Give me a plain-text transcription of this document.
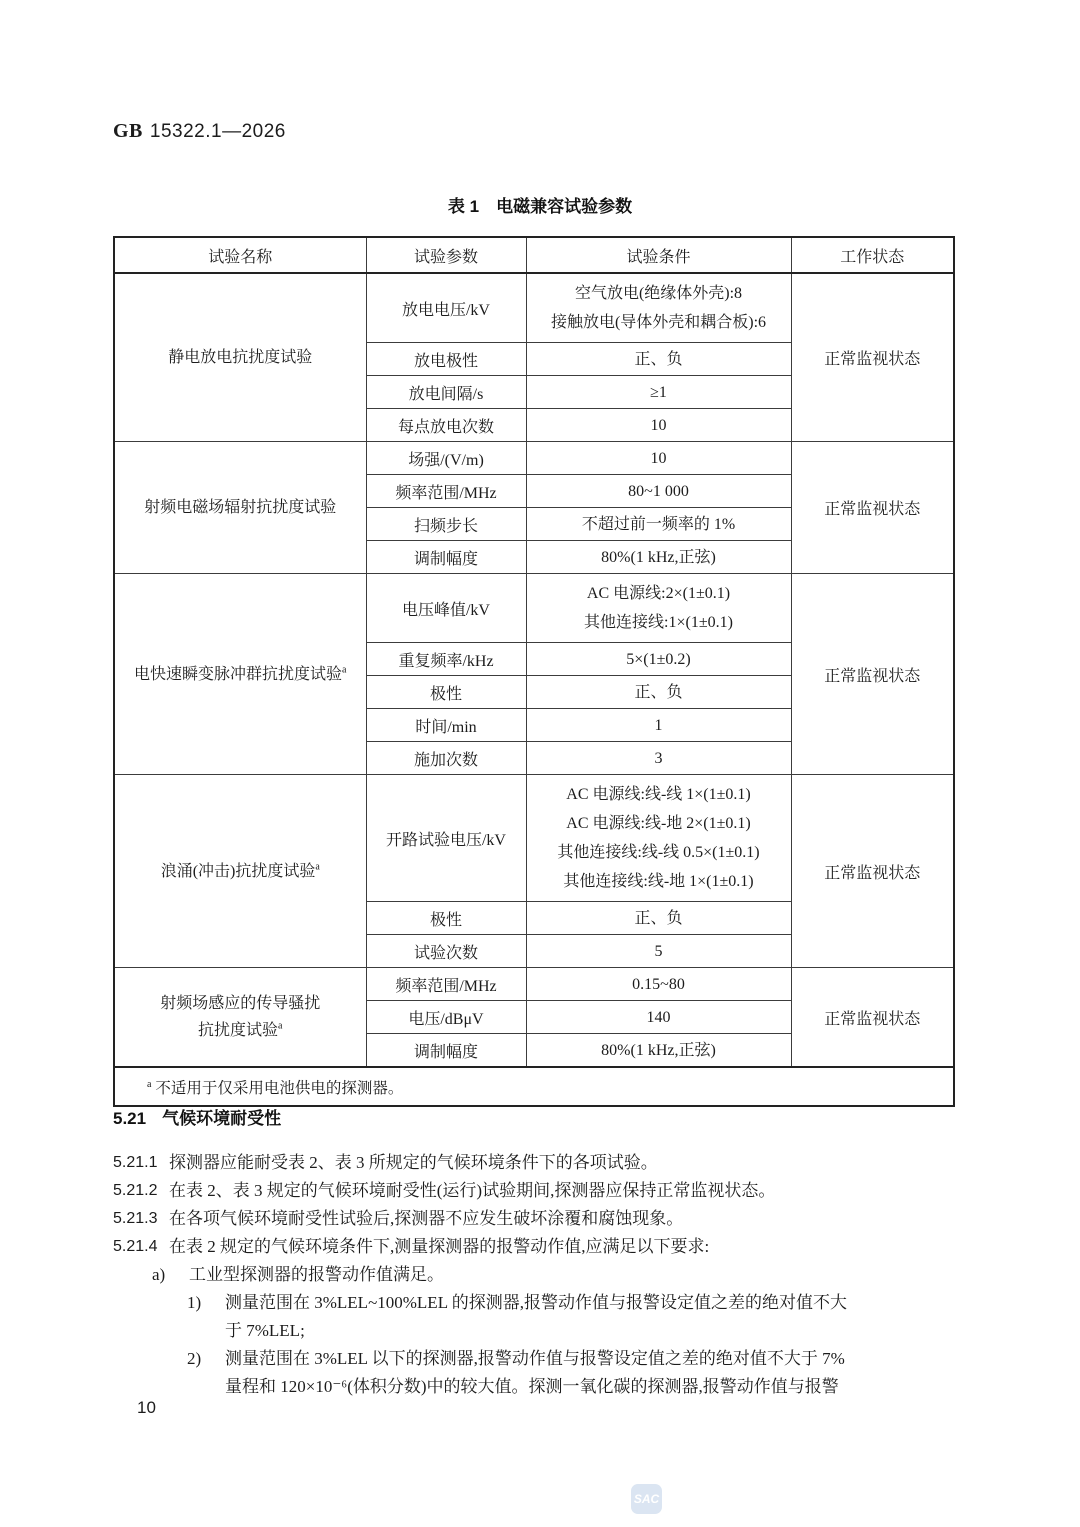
GB 15322.1—2026
表 1　电磁兼容试验参数
试验名称	试验参数	试验条件	工作状态

静电放电抗扰度试验	放电电压/kV	空气放电(绝缘体外壳):8
接触放电(导体外壳和耦合板):6	正常监视状态
	放电极性	正、负	

	放电间隔/s	≥1	

	每点放电次数	10	

射频电磁场辐射抗扰度试验	场强/(V/m)	10	正常监视状态
	频率范围/MHz	80~1 000	

	扫频步长	不超过前一频率的 1%	

	调制幅度	80%(1 kHz,正弦)	

电快速瞬变脉冲群抗扰度试验$^a$	电压峰值/kV	AC 电源线:2×(1±0.1)
其他连接线:1×(1±0.1)	正常监视状态
	重复频率/kHz	5×(1±0.2)	

	极性	正、负	

	时间/min	1	

	施加次数	3	

浪涌(冲击)抗扰度试验$^a$	开路试验电压/kV	AC 电源线:线-线 1×(1±0.1)
AC 电源线:线-地 2×(1±0.1)
其他连接线:线-线 0.5×(1±0.1)
其他连接线:线-地 1×(1±0.1)	正常监视状态
	极性	正、负	

	试验次数	5	

射频场感应的传导骚扰
抗扰度试验$^a$	频率范围/MHz	0.15~80	正常监视状态
	电压/dBμV	140	

	调制幅度	80%(1 kHz,正弦)	

$^a$ 不适用于仅采用电池供电的探测器。			
5.21 气候环境耐受性
5.21.1 探测器应能耐受表 2、表 3 所规定的气候环境条件下的各项试验。
5.21.2 在表 2、表 3 规定的气候环境耐受性(运行)试验期间,探测器应保持正常监视状态。
5.21.3 在各项气候环境耐受性试验后,探测器不应发生破坏涂覆和腐蚀现象。
5.21.4 在表 2 规定的气候环境条件下,测量探测器的报警动作值,应满足以下要求:
a) 工业型探测器的报警动作值满足。
1)	测量范围在 3%LEL~100%LEL 的探测器,报警动作值与报警设定值之差的绝对值不大
于 7%LEL;
2)	测量范围在 3%LEL 以下的探测器,报警动作值与报警设定值之差的绝对值不大于 7%
量程和 120×10⁻⁶(体积分数)中的较大值。探测一氧化碳的探测器,报警动作值与报警
10
SAC
